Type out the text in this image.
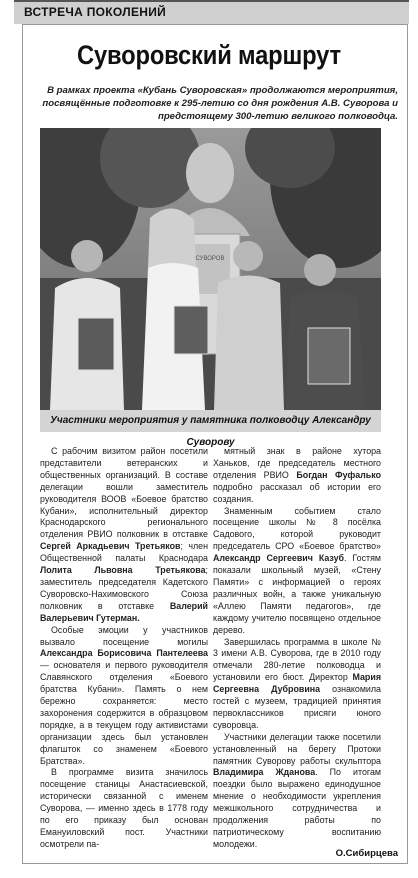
ВСТРЕЧА ПОКОЛЕНИЙ
Суворовский маршрут
В рамках проекта «Кубань Суворовская» продолжаются мероприятия, посвящённые подготовке к 295-летию со дня рождения А.В. Суворова и предстоящему 300-летию великого полководца.
СУВОРОВ
Участники мероприятия у памятника полководцу Александру Суворову

С рабочим визитом район посетили представители ветеранских и общественных организаций. В составе делегации вошли заместитель руководителя ВООВ «Боевое братство Кубани», исполнительный директор Краснодарского регионального отделения РВИО полковник в отставке Сергей Аркадьевич Третьяков; член Общественной палаты Краснодара Лолита Львовна Третьякова; заместитель председателя Кадетского Суворовско-Нахимовского Союза полковник в отставке Валерий Валерьевич Гутерман.

Особые эмоции у участников вызвало посещение могилы Александра Борисовича Пантелеева — основателя и первого руководителя Славянского отделения «Боевого братства Кубани». Память о нем бережно сохраняется: место захоронения содержится в образцовом порядке, а в текущем году активистами организации здесь был установлен флагшток со знаменем «Боевого Братства».

В программе визита значилось посещение станицы Анастасиевской, исторически связанной с именем Суворова, — именно здесь в 1778 году по его приказу был основан Емануиловский пост. Участники осмотрели па-

мятный знак в районе хутора Ханьков, где председатель местного отделения РВИО Богдан Фуфалько подробно рассказал об истории его создания.

Знаменным событием стало посещение школы № 8 посёлка Садового, которой руководит председатель СРО «Боевое братство» Александр Сергеевич Казуб. Гостям показали школьный музей, «Стену Памяти» с информацией о героях различных войн, а также уникальную «Аллею Памяти педагогов», где каждому учителю посвящено отдельное дерево.

Завершилась программа в школе № 3 имени А.В. Суворова, где в 2010 году отмечали 280-летие полководца и установили его бюст. Директор Мария Сергеевна Дубровина ознакомила гостей с музеем, традицией принятия первоклассников присяги юного суворовца.

Участники делегации также посетили установленный на берегу Протоки памятник Суворову работы скульптора Владимира Жданова. По итогам поездки было выражено единодушное мнение о необходимости укрепления межшкольного сотрудничества и продолжения работы по патриотическому воспитанию молодежи.

О.Сибирцева
